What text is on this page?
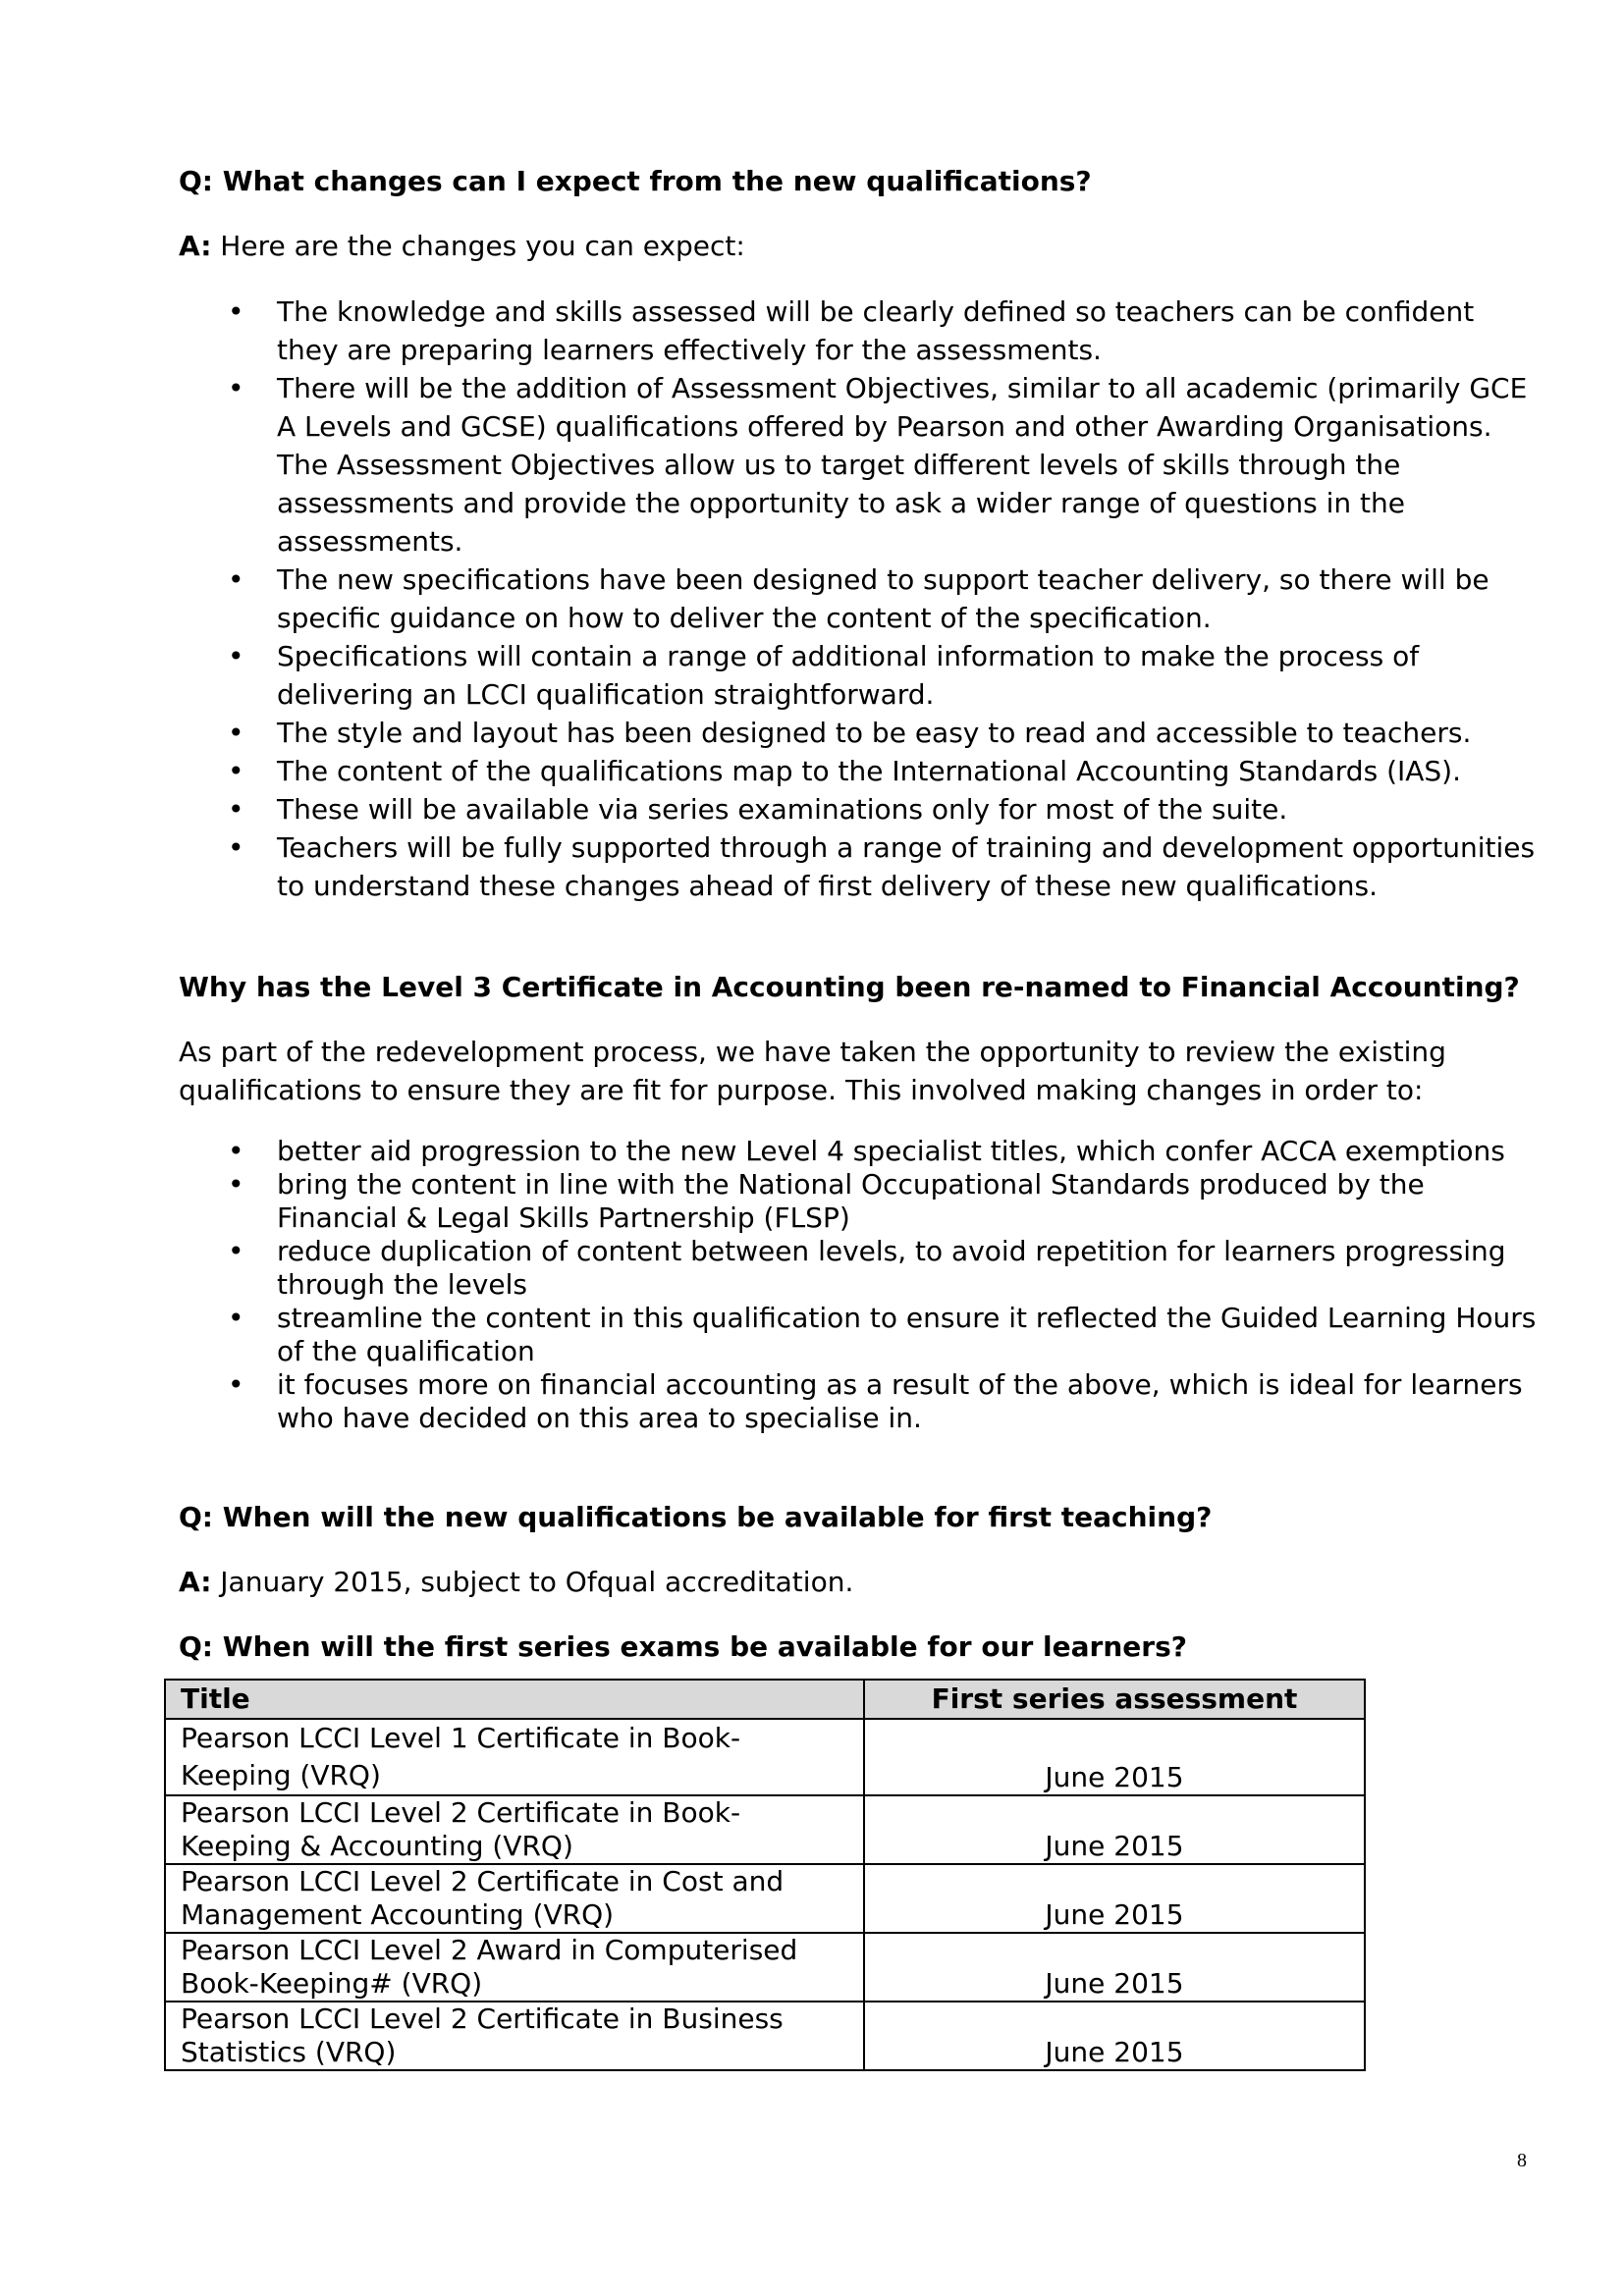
Q: What changes can I expect from the new qualifications?

A: Here are the changes you can expect:

• The knowledge and skills assessed will be clearly defined so teachers can be confident they are preparing learners effectively for the assessments.
• There will be the addition of Assessment Objectives, similar to all academic (primarily GCE A Levels and GCSE) qualifications offered by Pearson and other Awarding Organisations. The Assessment Objectives allow us to target different levels of skills through the assessments and provide the opportunity to ask a wider range of questions in the assessments.
• The new specifications have been designed to support teacher delivery, so there will be specific guidance on how to deliver the content of the specification.
• Specifications will contain a range of additional information to make the process of delivering an LCCI qualification straightforward.
• The style and layout has been designed to be easy to read and accessible to teachers.
• The content of the qualifications map to the International Accounting Standards (IAS).
• These will be available via series examinations only for most of the suite.
• Teachers will be fully supported through a range of training and development opportunities to understand these changes ahead of first delivery of these new qualifications.

Why has the Level 3 Certificate in Accounting been re-named to Financial Accounting?

As part of the redevelopment process, we have taken the opportunity to review the existing qualifications to ensure they are fit for purpose. This involved making changes in order to:

• better aid progression to the new Level 4 specialist titles, which confer ACCA exemptions
• bring the content in line with the National Occupational Standards produced by the Financial & Legal Skills Partnership (FLSP)
• reduce duplication of content between levels, to avoid repetition for learners progressing through the levels
• streamline the content in this qualification to ensure it reflected the Guided Learning Hours of the qualification
• it focuses more on financial accounting as a result of the above, which is ideal for learners who have decided on this area to specialise in.

Q: When will the new qualifications be available for first teaching?

A: January 2015, subject to Ofqual accreditation.

Q: When will the first series exams be available for our learners?

Title	First series assessment
Pearson LCCI Level 1 Certificate in Book-Keeping (VRQ)	June 2015
Pearson LCCI Level 2 Certificate in Book-Keeping & Accounting (VRQ)	June 2015
Pearson LCCI Level 2 Certificate in Cost and Management Accounting (VRQ)	June 2015
Pearson LCCI Level 2 Award in Computerised Book-Keeping# (VRQ)	June 2015
Pearson LCCI Level 2 Certificate in Business Statistics (VRQ)	June 2015
8
